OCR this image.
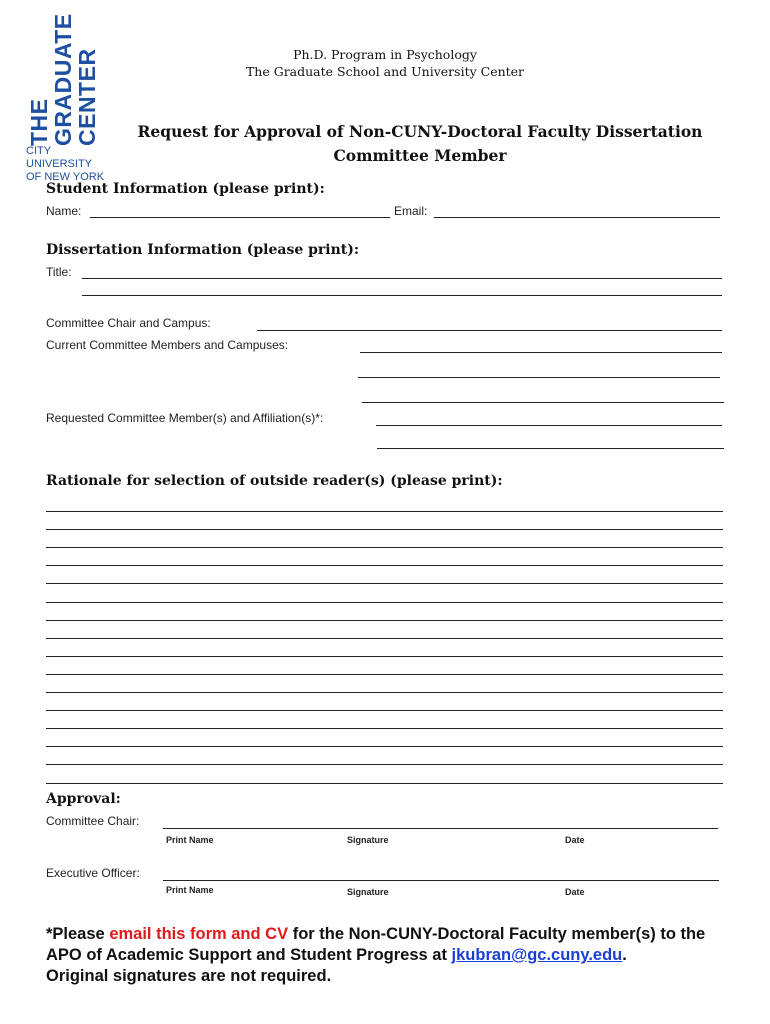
THE
GRADUATE
CENTER
CITY UNIVERSITY
OF NEW YORK
Ph.D. Program in Psychology
The Graduate School and University Center
Request for Approval of Non-CUNY-Doctoral Faculty Dissertation
Committee Member
Student Information (please print):
Name:	Email:
Dissertation Information (please print):
Title:
Committee Chair and Campus:
Current Committee Members and Campuses:
Requested Committee Member(s) and Affiliation(s)*:
Rationale for selection of outside reader(s) (please print):
Approval:
Committee Chair:
Print Name	Signature	Date
Executive Officer:
Print Name	Signature	Date
*Please email this form and CV for the Non-CUNY-Doctoral Faculty member(s) to the APO of Academic Support and Student Progress at jkubran@gc.cuny.edu.
Original signatures are not required.
